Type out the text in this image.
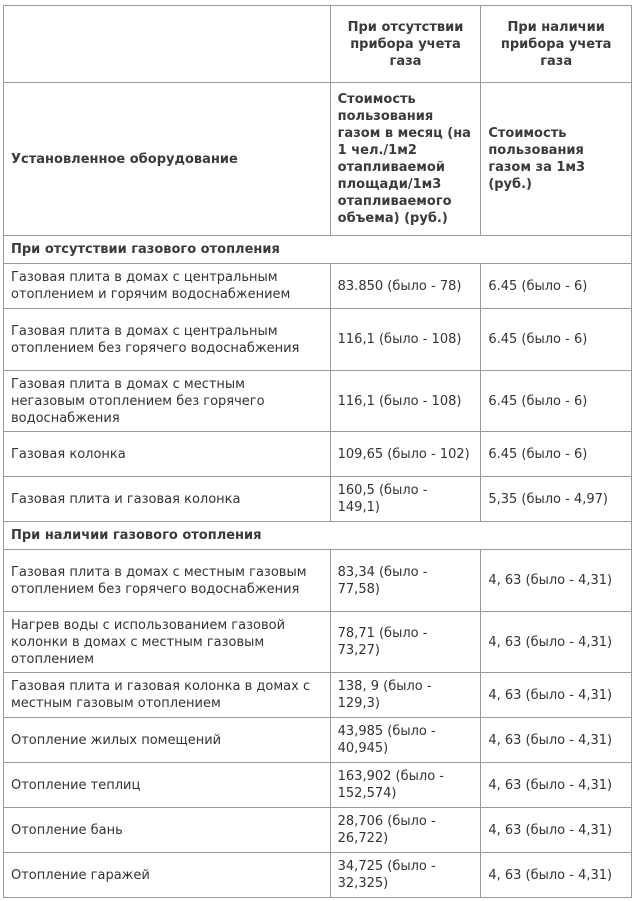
	При отсутствии прибора учета газа	При наличии прибора учета газа
Установленное оборудование	Стоимость пользования газом в месяц (на 1 чел./1м2 отапливаемой площади/1м3 отапливаемого объема) (руб.)	Стоимость пользования газом за 1м3 (руб.)
При отсутствии газового отопления		
Газовая плита в домах с центральным отоплением и горячим водоснабжением	83.850 (было - 78)	6.45 (было - 6)
Газовая плита в домах с центральным отоплением без горячего водоснабжения	116,1 (было - 108)	6.45 (было - 6)
Газовая плита в домах с местным негазовым отоплением без горячего водоснабжения	116,1 (было - 108)	6.45 (было - 6)
Газовая колонка	109,65 (было - 102)	6.45 (было - 6)
Газовая плита и газовая колонка	160,5 (было - 149,1)	5,35 (было - 4,97)
При наличии газового отопления		
Газовая плита в домах с местным газовым отоплением без горячего водоснабжения	83,34 (было - 77,58)	4, 63 (было - 4,31)
Нагрев воды с использованием газовой колонки в домах с местным газовым отоплением	78,71 (было - 73,27)	4, 63 (было - 4,31)
Газовая плита и газовая колонка в домах с местным газовым отоплением	138, 9 (было - 129,3)	4, 63 (было - 4,31)
Отопление жилых помещений	43,985 (было - 40,945)	4, 63 (было - 4,31)
Отопление теплиц	163,902 (было - 152,574)	4, 63 (было - 4,31)
Отопление бань	28,706 (было - 26,722)	4, 63 (было - 4,31)
Отопление гаражей	34,725 (было - 32,325)	4, 63 (было - 4,31)
